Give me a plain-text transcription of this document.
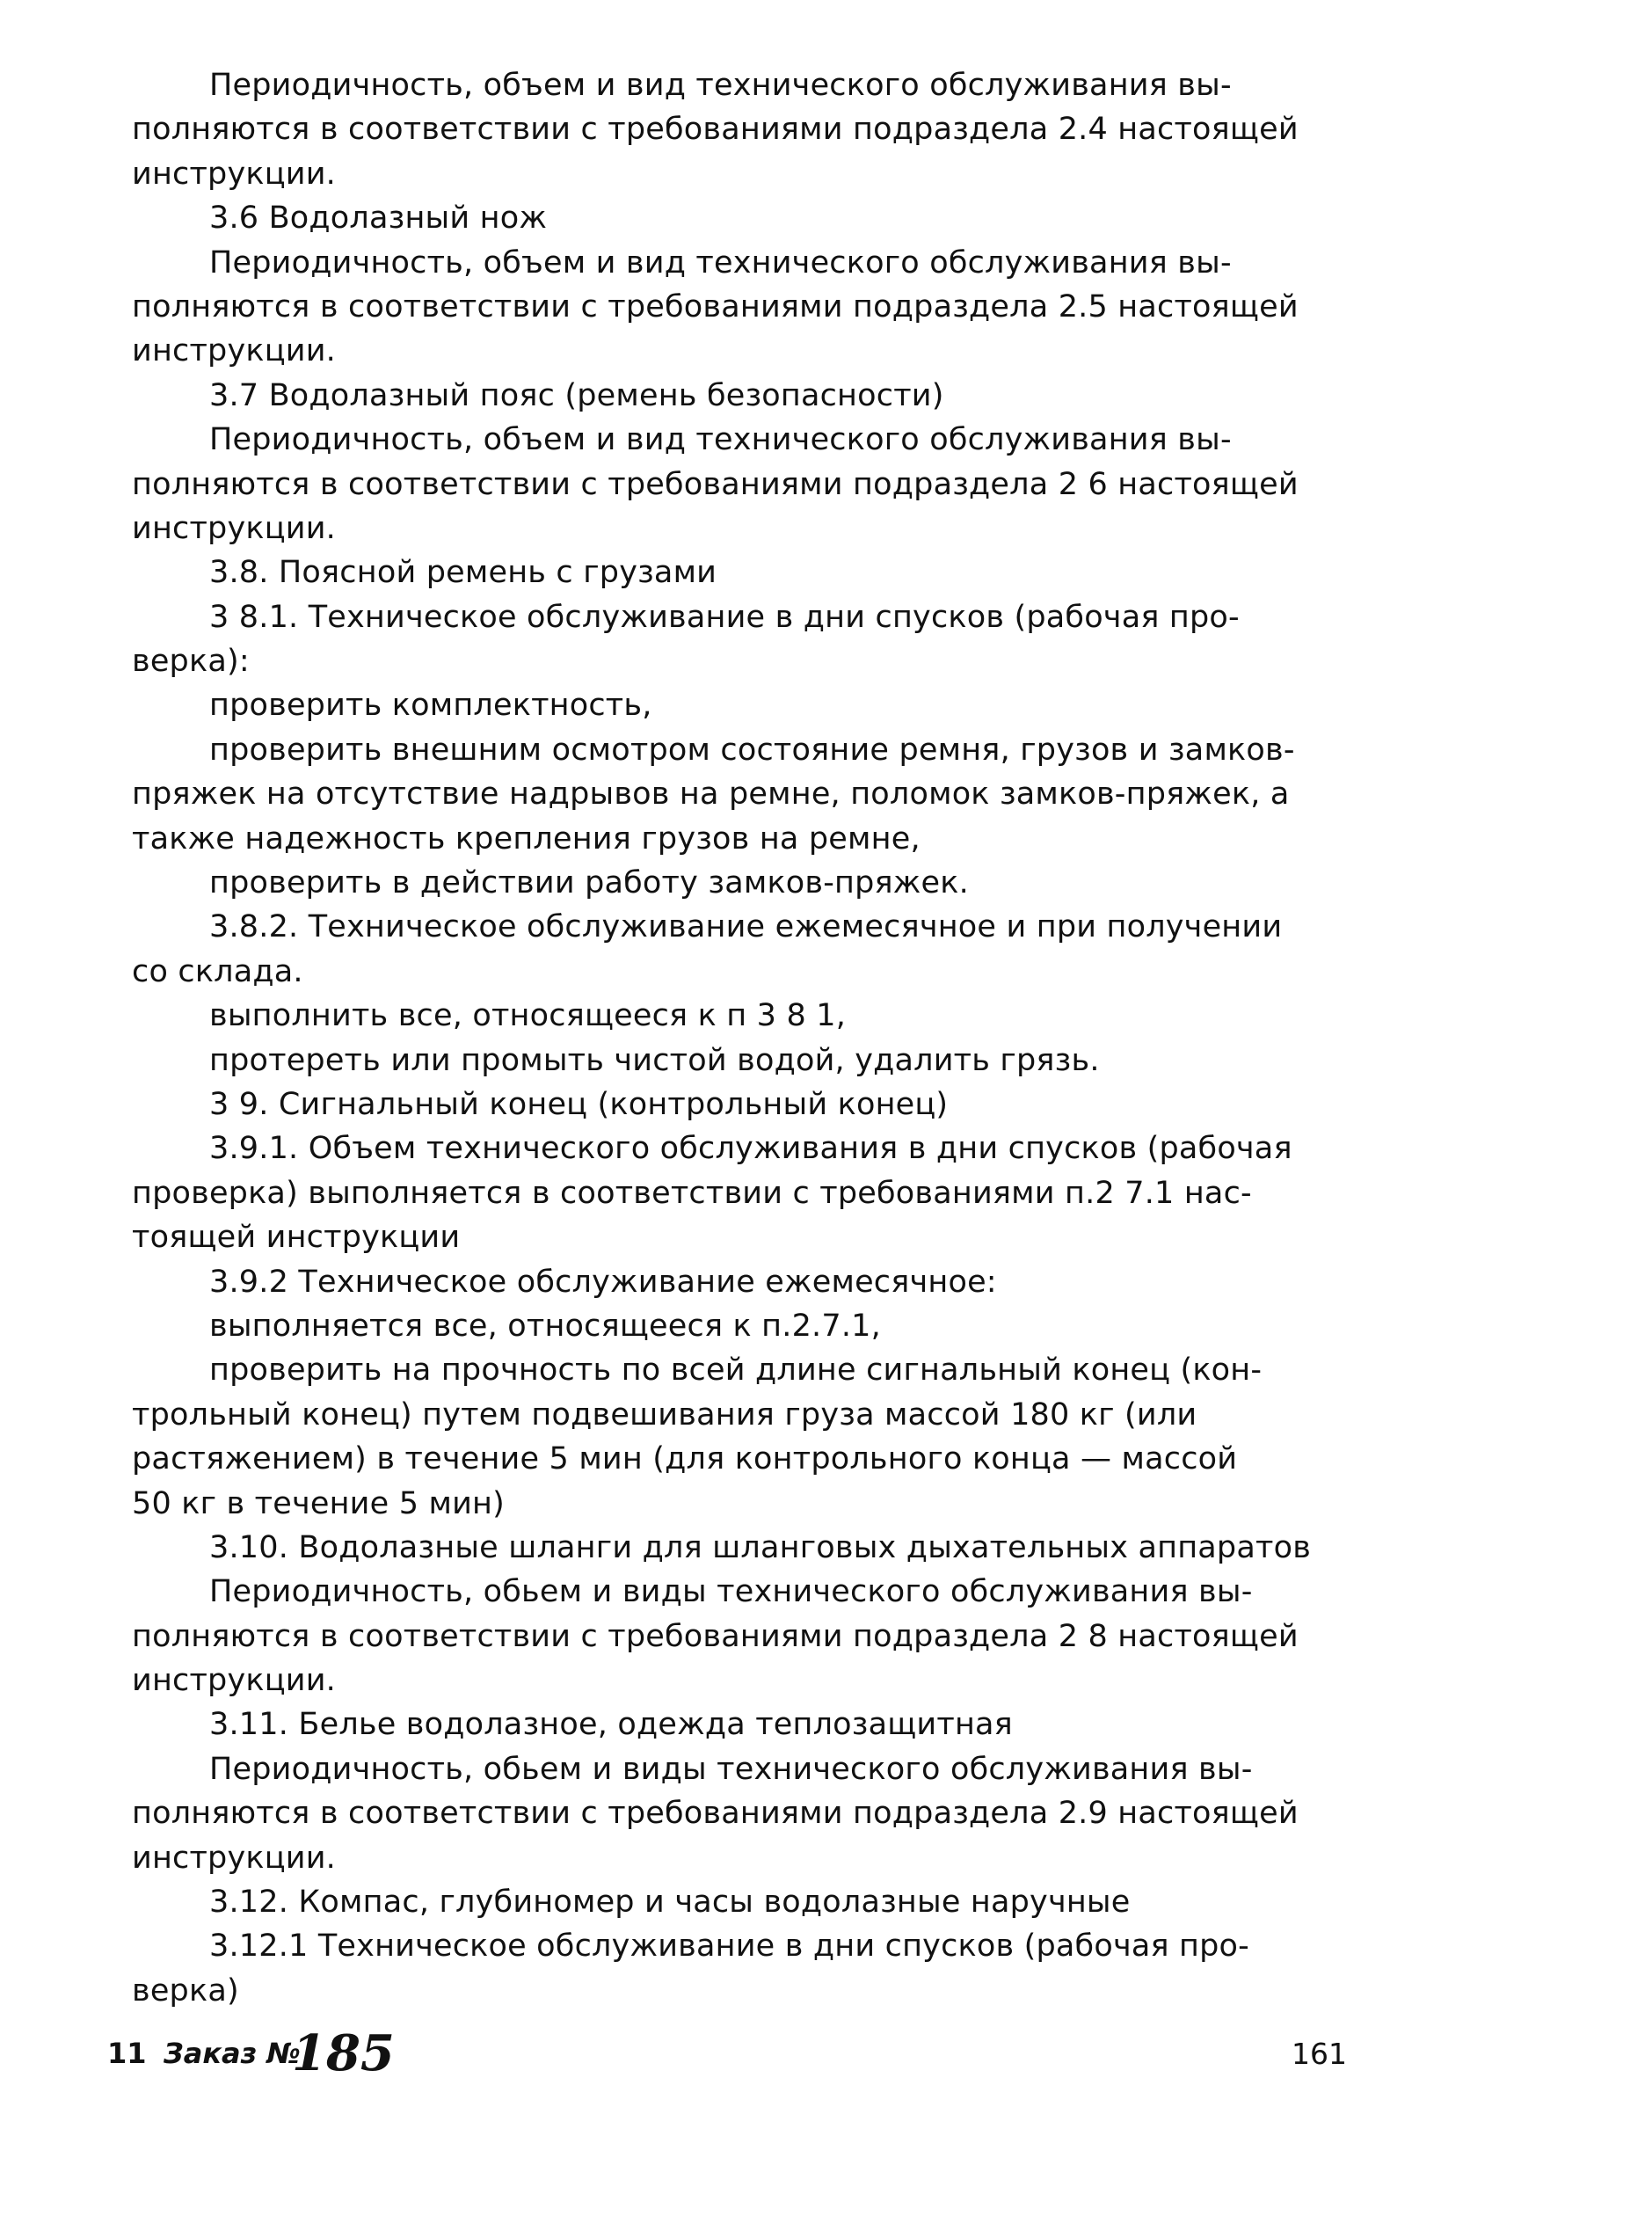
Периодичность, объем и вид технического обслуживания вы-
полняются в соответствии с требованиями подраздела 2.4 настоящей
инструкции.
3.6 Водолазный нож
Периодичность, объем и вид технического обслуживания вы-
полняются в соответствии с требованиями подраздела 2.5 настоящей
инструкции.
3.7 Водолазный пояс (ремень безопасности)
Периодичность, объем и вид технического обслуживания вы-
полняются в соответствии с требованиями подраздела 2 6 настоящей
инструкции.
3.8. Поясной ремень с грузами
3 8.1. Техническое обслуживание в дни спусков (рабочая про-
верка):
проверить комплектность,
проверить внешним осмотром состояние ремня, грузов и замков-
пряжек на отсутствие надрывов на ремне, поломок замков-пряжек, а
также надежность крепления грузов на ремне,
проверить в действии работу замков-пряжек.
3.8.2. Техническое обслуживание ежемесячное и при получении
со склада.
выполнить все, относящееся к п 3 8 1,
протереть или промыть чистой водой, удалить грязь.
3 9. Сигнальный конец (контрольный конец)
3.9.1. Объем технического обслуживания в дни спусков (рабочая
проверка) выполняется в соответствии с требованиями п.2 7.1 нас-
тоящей инструкции
3.9.2 Техническое обслуживание ежемесячное:
выполняется все, относящееся к п.2.7.1,
проверить на прочность по всей длине сигнальный конец (кон-
трольный конец) путем подвешивания груза массой 180 кг (или
растяжением) в течение 5 мин (для контрольного конца — массой
50 кг в течение 5 мин)
3.10. Водолазные шланги для шланговых дыхательных аппаратов
Периодичность, обьем и виды технического обслуживания вы-
полняются в соответствии с требованиями подраздела 2 8 настоящей
инструкции.
3.11. Белье водолазное, одежда теплозащитная
Периодичность, обьем и виды технического обслуживания вы-
полняются в соответствии с требованиями подраздела 2.9 настоящей
инструкции.
3.12. Компас, глубиномер и часы водолазные наручные
3.12.1 Техническое обслуживание в дни спусков (рабочая про-
верка)
11 Заказ №
185	161
